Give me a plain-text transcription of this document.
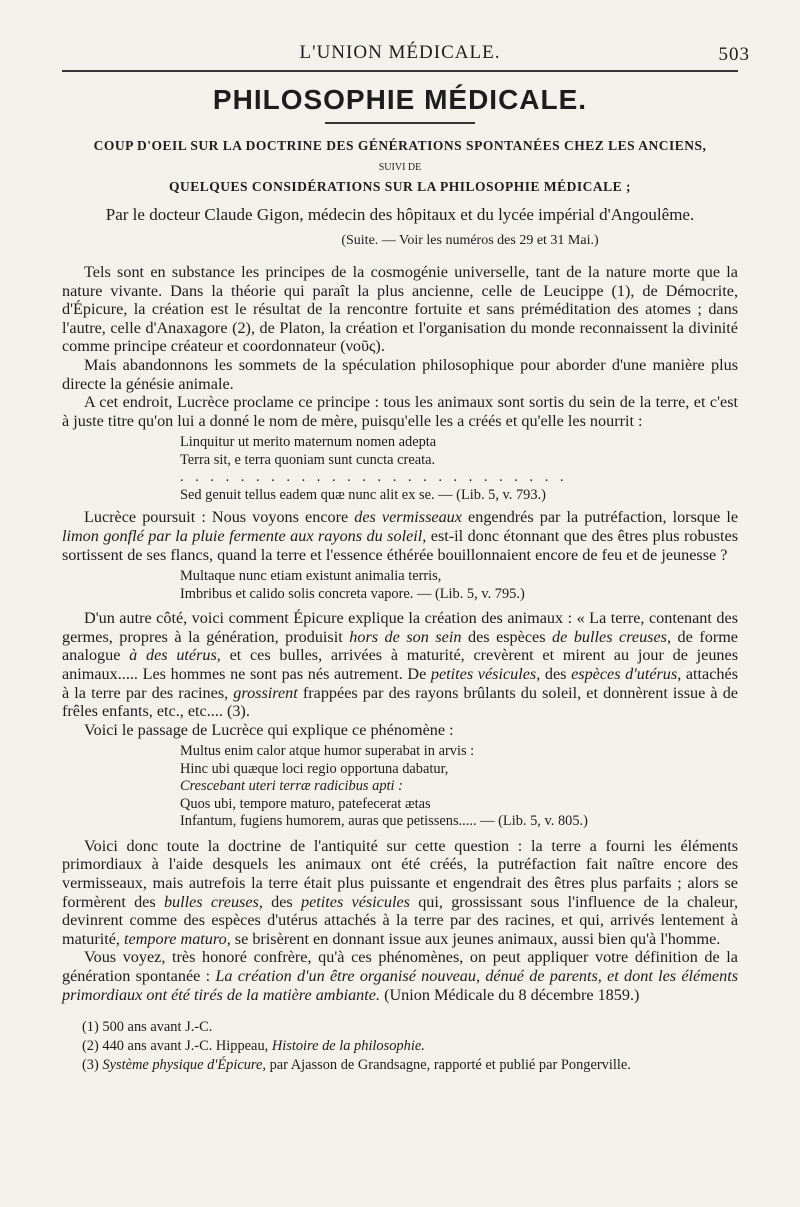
L'UNION MÉDICALE.	503
PHILOSOPHIE MÉDICALE.
COUP D'OEIL SUR LA DOCTRINE DES GÉNÉRATIONS SPONTANÉES CHEZ LES ANCIENS,
SUIVI DE
QUELQUES CONSIDÉRATIONS SUR LA PHILOSOPHIE MÉDICALE ;
Par le docteur Claude Gigon, médecin des hôpitaux et du lycée impérial d'Angoulême.
(Suite. — Voir les numéros des 29 et 31 Mai.)

Tels sont en substance les principes de la cosmogénie universelle, tant de la nature morte que la nature vivante. Dans la théorie qui paraît la plus ancienne, celle de Leucippe (1), de Démocrite, d'Épicure, la création est le résultat de la rencontre fortuite et sans préméditation des atomes ; dans l'autre, celle d'Anaxagore (2), de Platon, la création et l'organisation du monde reconnaissent la divinité comme principe créateur et coordonnateur (νοῦς).

Mais abandonnons les sommets de la spéculation philosophique pour aborder d'une manière plus directe la génésie animale.

A cet endroit, Lucrèce proclame ce principe : tous les animaux sont sortis du sein de la terre, et c'est à juste titre qu'on lui a donné le nom de mère, puisqu'elle les a créés et qu'elle les nourrit :

Linquitur ut merito maternum nomen adepta
Terra sit, e terra quoniam sunt cuncta creata.
. . . . . . . . . . . . . . . . . . . . . . . . . .
Sed genuit tellus eadem quæ nunc alit ex se. — (Lib. 5, v. 793.)

Lucrèce poursuit : Nous voyons encore des vermisseaux engendrés par la putréfaction, lorsque le limon gonflé par la pluie fermente aux rayons du soleil, est-il donc étonnant que des êtres plus robustes sortissent de ses flancs, quand la terre et l'essence éthérée bouillonnaient encore de feu et de jeunesse ?

Multaque nunc etiam existunt animalia terris,
Imbribus et calido solis concreta vapore. — (Lib. 5, v. 795.)

D'un autre côté, voici comment Épicure explique la création des animaux : « La terre, contenant des germes, propres à la génération, produisit hors de son sein des espèces de bulles creuses, de forme analogue à des utérus, et ces bulles, arrivées à maturité, crevèrent et mirent au jour de jeunes animaux..... Les hommes ne sont pas nés autrement. De petites vésicules, des espèces d'utérus, attachés à la terre par des racines, grossirent frappées par des rayons brûlants du soleil, et donnèrent issue à de frêles enfants, etc., etc.... (3).

Voici le passage de Lucrèce qui explique ce phénomène :

Multus enim calor atque humor superabat in arvis :
Hinc ubi quæque loci regio opportuna dabatur,
Crescebant uteri terræ radicibus apti :
Quos ubi, tempore maturo, patefecerat ætas
Infantum, fugiens humorem, auras que petissens..... — (Lib. 5, v. 805.)

Voici donc toute la doctrine de l'antiquité sur cette question : la terre a fourni les éléments primordiaux à l'aide desquels les animaux ont été créés, la putréfaction fait naître encore des vermisseaux, mais autrefois la terre était plus puissante et engendrait des êtres plus parfaits ; alors se formèrent des bulles creuses, des petites vésicules qui, grossissant sous l'influence de la chaleur, devinrent comme des espèces d'utérus attachés à la terre par des racines, et qui, arrivés lentement à maturité, tempore maturo, se brisèrent en donnant issue aux jeunes animaux, aussi bien qu'à l'homme.

Vous voyez, très honoré confrère, qu'à ces phénomènes, on peut appliquer votre définition de la génération spontanée : La création d'un être organisé nouveau, dénué de parents, et dont les éléments primordiaux ont été tirés de la matière ambiante. (Union Médicale du 8 décembre 1859.)

(1) 500 ans avant J.-C.
(2) 440 ans avant J.-C. Hippeau, Histoire de la philosophie.
(3) Système physique d'Épicure, par Ajasson de Grandsagne, rapporté et publié par Pongerville.
